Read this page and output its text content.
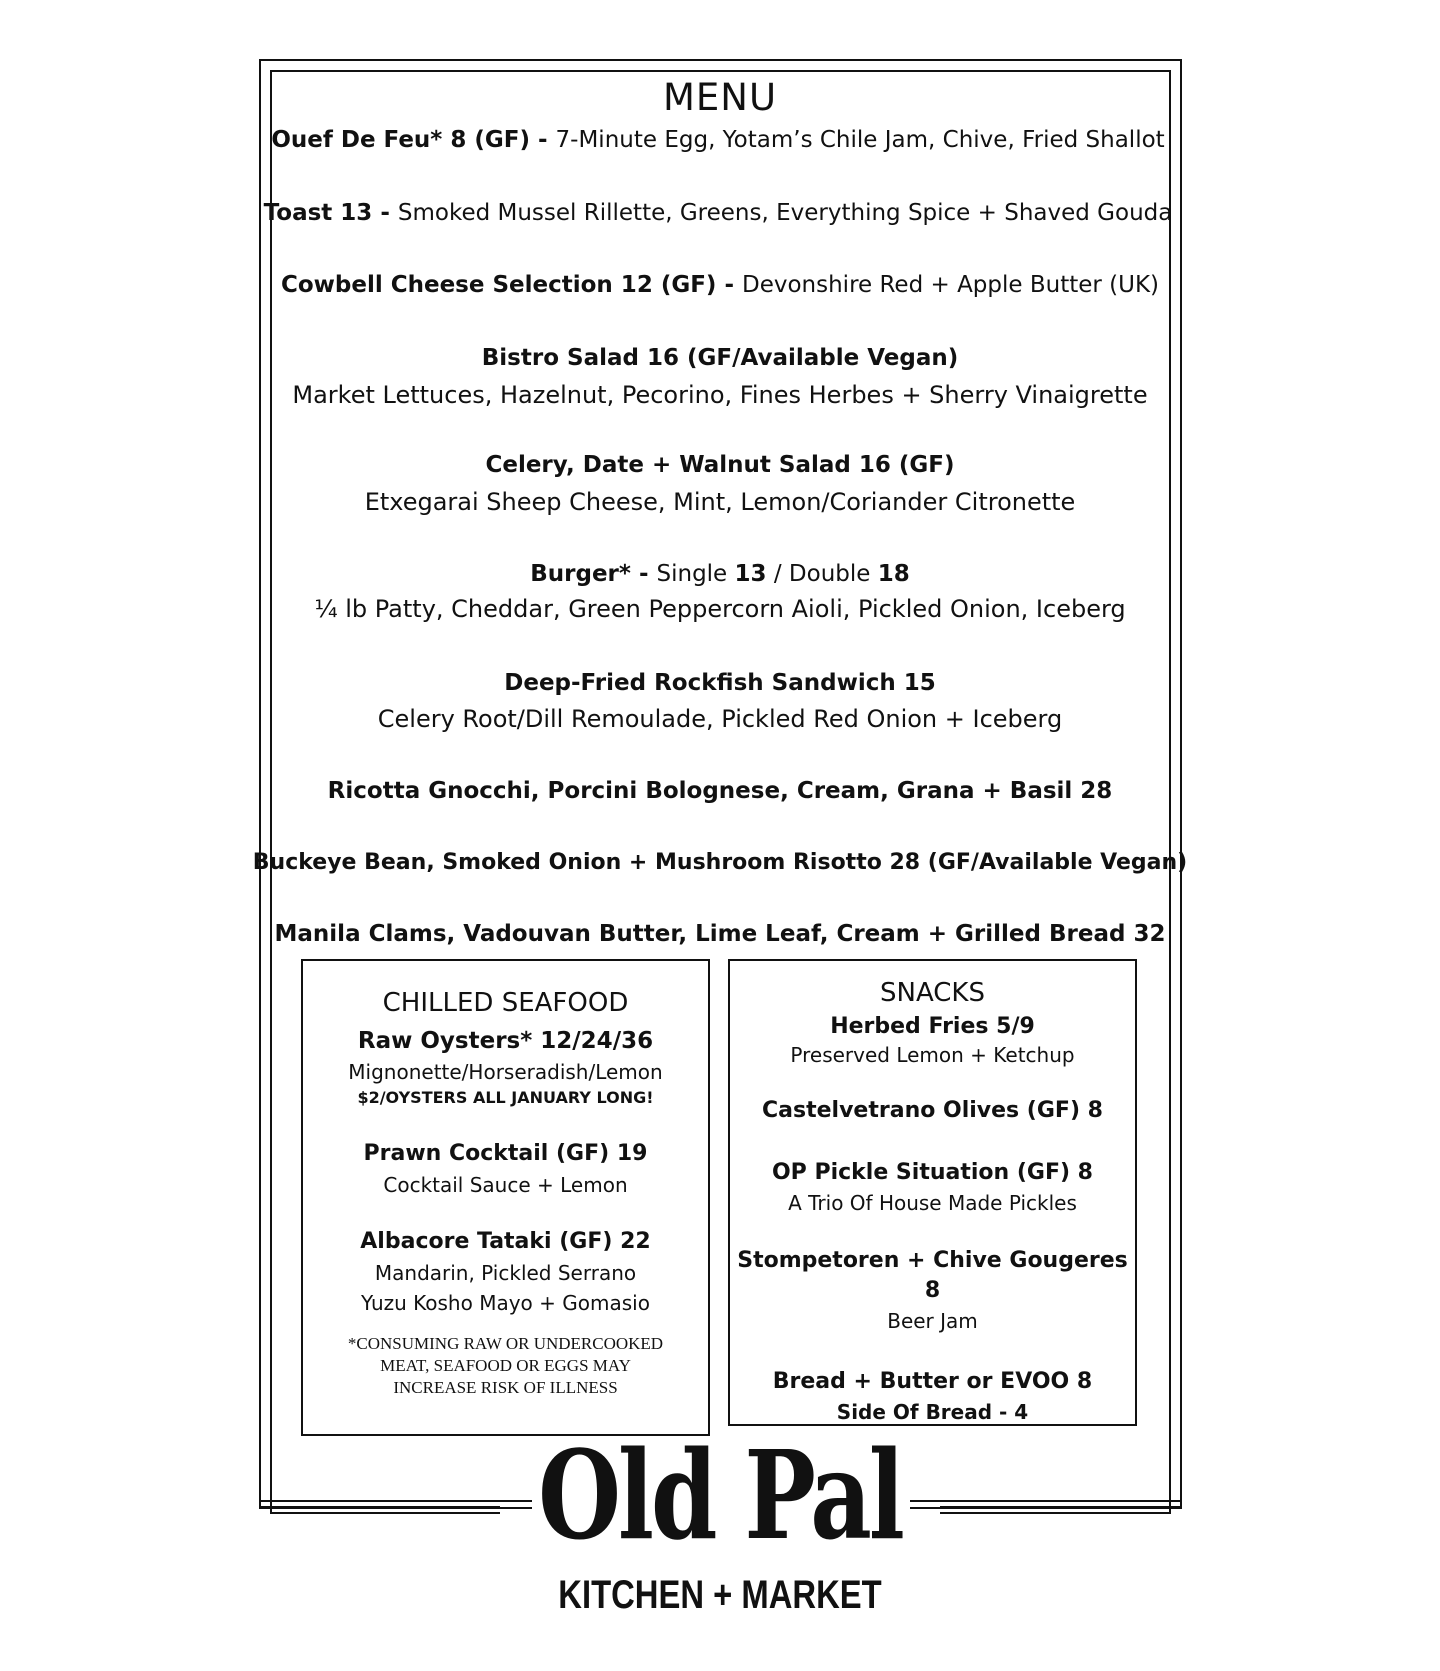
MENU
Ouef De Feu* 8 (GF) - 7-Minute Egg, Yotam’s Chile Jam, Chive, Fried Shallot
Toast 13 - Smoked Mussel Rillette, Greens, Everything Spice + Shaved Gouda
Cowbell Cheese Selection 12 (GF) - Devonshire Red + Apple Butter (UK)
Bistro Salad 16 (GF/Available Vegan)
Market Lettuces, Hazelnut, Pecorino, Fines Herbes + Sherry Vinaigrette
Celery, Date + Walnut Salad 16 (GF)
Etxegarai Sheep Cheese, Mint, Lemon/Coriander Citronette
Burger* - Single 13 / Double 18
¼ lb Patty, Cheddar, Green Peppercorn Aioli, Pickled Onion, Iceberg
Deep-Fried Rockfish Sandwich 15
Celery Root/Dill Remoulade, Pickled Red Onion + Iceberg
Ricotta Gnocchi, Porcini Bolognese, Cream, Grana + Basil 28
Buckeye Bean, Smoked Onion + Mushroom Risotto 28 (GF/Available Vegan)
Manila Clams, Vadouvan Butter, Lime Leaf, Cream + Grilled Bread 32
CHILLED SEAFOOD
Raw Oysters* 12/24/36
Mignonette/Horseradish/Lemon
$2/OYSTERS ALL JANUARY LONG!
Prawn Cocktail (GF) 19
Cocktail Sauce + Lemon
Albacore Tataki (GF) 22
Mandarin, Pickled Serrano
Yuzu Kosho Mayo + Gomasio
*CONSUMING RAW OR UNDERCOOKED
MEAT, SEAFOOD OR EGGS MAY
INCREASE RISK OF ILLNESS
SNACKS
Herbed Fries 5/9
Preserved Lemon + Ketchup
Castelvetrano Olives (GF) 8
OP Pickle Situation (GF) 8
A Trio Of House Made Pickles
Stompetoren + Chive Gougeres 8
Beer Jam
Bread + Butter or EVOO 8
Side Of Bread - 4
Old Pal
KITCHEN + MARKET
